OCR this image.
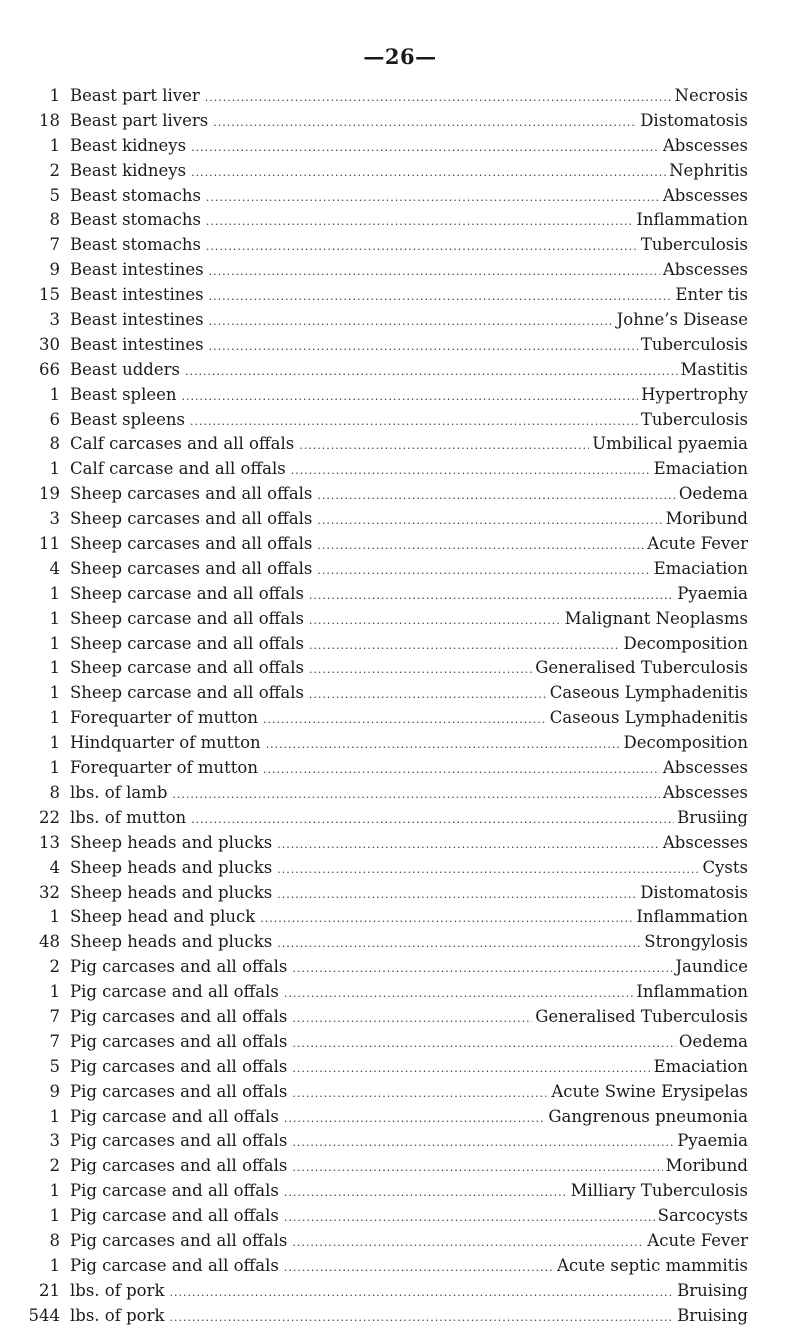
—26—
1 Beast part liver .....	Necrosis
18 Beast part livers .....	Distomatosis
1 Beast kidneys .....	Abscesses
2 Beast kidneys .....	Nephritis
5 Beast stomachs .....	Abscesses
8 Beast stomachs .....	Inflammation
7 Beast stomachs .....	Tuberculosis
9 Beast intestines .....	Abscesses
15 Beast intestines .....	Enter tis
3 Beast intestines .....	Johne’s Disease
30 Beast intestines .....	Tuberculosis
66 Beast udders .....	Mastitis
1 Beast spleen .....	Hypertrophy
6 Beast spleens .....	Tuberculosis
8 Calf carcases and all offals .....	Umbilical pyaemia
1 Calf carcase and all offals .....	Emaciation
19 Sheep carcases and all offals .....	Oedema
3 Sheep carcases and all offals .....	Moribund
11 Sheep carcases and all offals .....	Acute Fever
4 Sheep carcases and all offals .....	Emaciation
1 Sheep carcase and all offals .....	Pyaemia
1 Sheep carcase and all offals .....	Malignant Neoplasms
1 Sheep carcase and all offals .....	Decomposition
1 Sheep carcase and all offals .....	Generalised Tuberculosis
1 Sheep carcase and all offals .....	Caseous Lymphadenitis
1 Forequarter of mutton .....	Caseous Lymphadenitis
1 Hindquarter of mutton .....	Decomposition
1 Forequarter of mutton .....	Abscesses
8 lbs. of lamb .....	Abscesses
22 lbs. of mutton .....	Brusiing
13 Sheep heads and plucks .....	Abscesses
4 Sheep heads and plucks .....	Cysts
32 Sheep heads and plucks .....	Distomatosis
1 Sheep head and pluck .....	Inflammation
48 Sheep heads and plucks .....	Strongylosis
2 Pig carcases and all offals .....	Jaundice
1 Pig carcase and all offals .....	Inflammation
7 Pig carcases and all offals .....	Generalised Tuberculosis
7 Pig carcases and all offals .....	Oedema
5 Pig carcases and all offals .....	Emaciation
9 Pig carcases and all offals .....	Acute Swine Erysipelas
1 Pig carcase and all offals .....	Gangrenous pneumonia
3 Pig carcases and all offals .....	Pyaemia
2 Pig carcases and all offals .....	Moribund
1 Pig carcase and all offals .....	Milliary Tuberculosis
1 Pig carcase and all offals .....	Sarcocysts
8 Pig carcases and all offals .....	Acute Fever
1 Pig carcase and all offals .....	Acute septic mammitis
21 lbs. of pork .....	Bruising
544 lbs. of pork .....	Bruising
